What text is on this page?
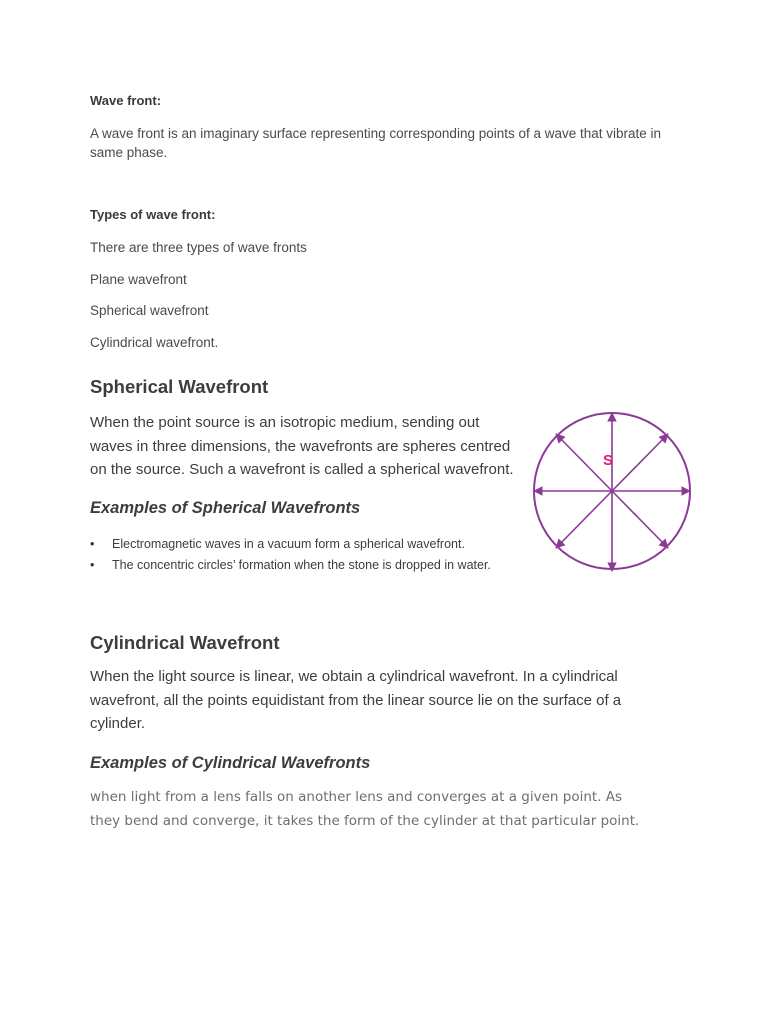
Wave front:

A wave front is an imaginary surface representing corresponding points of a wave that vibrate in same phase.

Types of wave front:

There are three types of wave fronts

Plane wavefront

Spherical wavefront

Cylindrical wavefront.

Spherical Wavefront

When the point source is an isotropic medium, sending out waves in three dimensions, the wavefronts are spheres centred on the source. Such a wavefront is called a spherical wavefront.

Examples of Spherical Wavefronts
• Electromagnetic waves in a vacuum form a spherical wavefront.
• The concentric circles’ formation when the stone is dropped in water.
S
Cylindrical Wavefront

When the light source is linear, we obtain a cylindrical wavefront. In a cylindrical wavefront, all the points equidistant from the linear source lie on the surface of a cylinder.

Examples of Cylindrical Wavefronts

when light from a lens falls on another lens and converges at a given point. As they bend and converge, it takes the form of the cylinder at that particular point.
